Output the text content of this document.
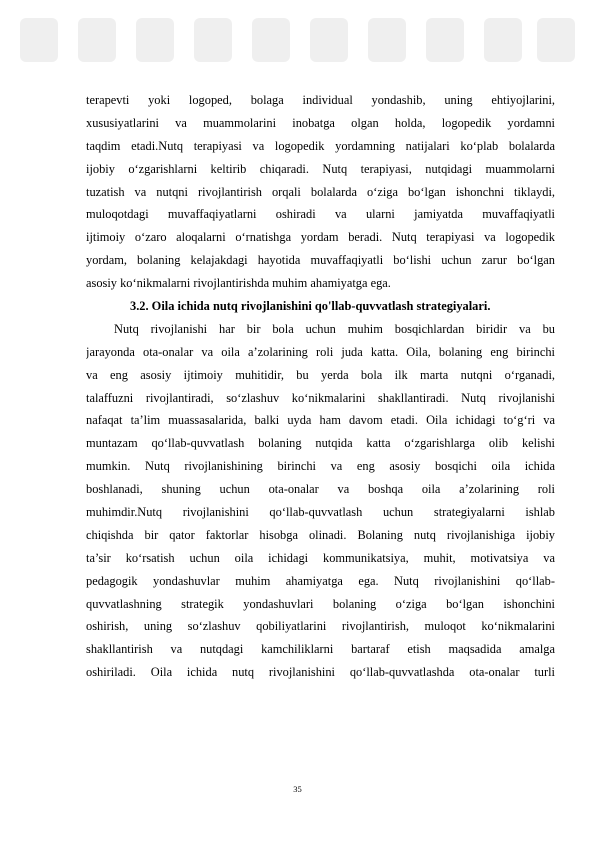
terapevti yoki logoped, bolaga individual yondashib, uning ehtiyojlarini,
xususiyatlarini va muammolarini inobatga olgan holda, logopedik yordamni
taqdim etadi.Nutq terapiyasi va logopedik yordamning natijalari ko‘plab bolalarda
ijobiy o‘zgarishlarni keltirib chiqaradi. Nutq terapiyasi, nutqidagi muammolarni
tuzatish va nutqni rivojlantirish orqali bolalarda o‘ziga bo‘lgan ishonchni tiklaydi,
muloqotdagi muvaffaqiyatlarni oshiradi va ularni jamiyatda muvaffaqiyatli
ijtimoiy o‘zaro aloqalarni o‘rnatishga yordam beradi. Nutq terapiyasi va logopedik
yordam, bolaning kelajakdagi hayotida muvaffaqiyatli bo‘lishi uchun zarur bo‘lgan
asosiy ko‘nikmalarni rivojlantirishda muhim ahamiyatga ega.
3.2. Oila ichida nutq rivojlanishini qo'llab-quvvatlash strategiyalari.
Nutq rivojlanishi har bir bola uchun muhim bosqichlardan biridir va bu
jarayonda ota-onalar va oila a’zolarining roli juda katta. Oila, bolaning eng birinchi
va eng asosiy ijtimoiy muhitidir, bu yerda bola ilk marta nutqni o‘rganadi,
talaffuzni rivojlantiradi, so‘zlashuv ko‘nikmalarini shakllantiradi. Nutq rivojlanishi
nafaqat ta’lim muassasalarida, balki uyda ham davom etadi. Oila ichidagi to‘g‘ri va
muntazam qo‘llab-quvvatlash bolaning nutqida katta o‘zgarishlarga olib kelishi
mumkin. Nutq rivojlanishining birinchi va eng asosiy bosqichi oila ichida
boshlanadi, shuning uchun ota-onalar va boshqa oila a’zolarining roli
muhimdir.Nutq rivojlanishini qo‘llab-quvvatlash uchun strategiyalarni ishlab
chiqishda bir qator faktorlar hisobga olinadi. Bolaning nutq rivojlanishiga ijobiy
ta’sir ko‘rsatish uchun oila ichidagi kommunikatsiya, muhit, motivatsiya va
pedagogik yondashuvlar muhim ahamiyatga ega. Nutq rivojlanishini qo‘llab-
quvvatlashning strategik yondashuvlari bolaning o‘ziga bo‘lgan ishonchini
oshirish, uning so‘zlashuv qobiliyatlarini rivojlantirish, muloqot ko‘nikmalarini
shakllantirish va nutqdagi kamchiliklarni bartaraf etish maqsadida amalga
oshiriladi. Oila ichida nutq rivojlanishini qo‘llab-quvvatlashda ota-onalar turli
35
